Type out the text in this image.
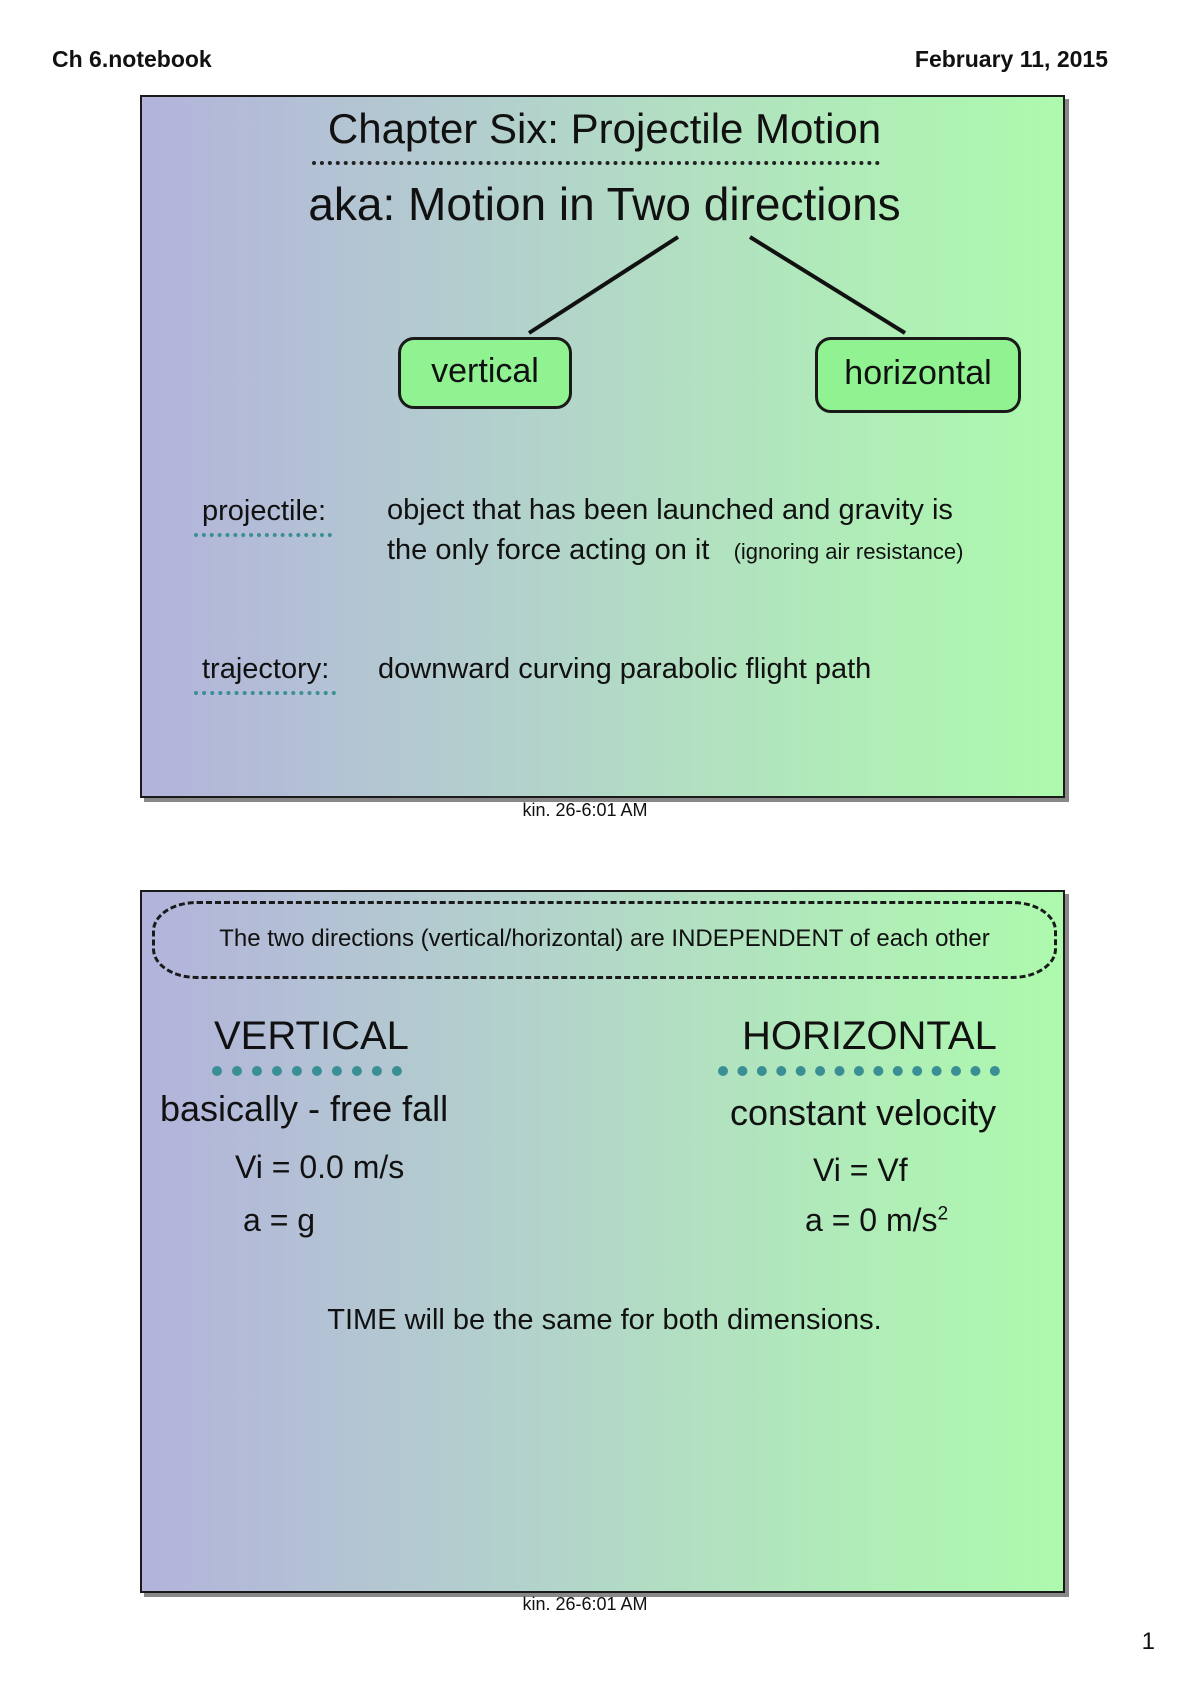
Ch 6.notebook	February 11, 2015
Chapter Six: Projectile Motion
aka: Motion in Two directions
vertical	horizontal
projectile: object that has been launched and gravity is
the only force acting on it (ignoring air resistance)
trajectory: downward curving parabolic flight path
kin. 26-6:01 AM
The two directions (vertical/horizontal) are INDEPENDENT of each other
VERTICAL
basically - free fall
Vi = 0.0 m/s
a = g
HORIZONTAL
constant velocity
Vi = Vf
a = 0 $m/s^2$
TIME will be the same for both dimensions.
kin. 26-6:01 AM
1
